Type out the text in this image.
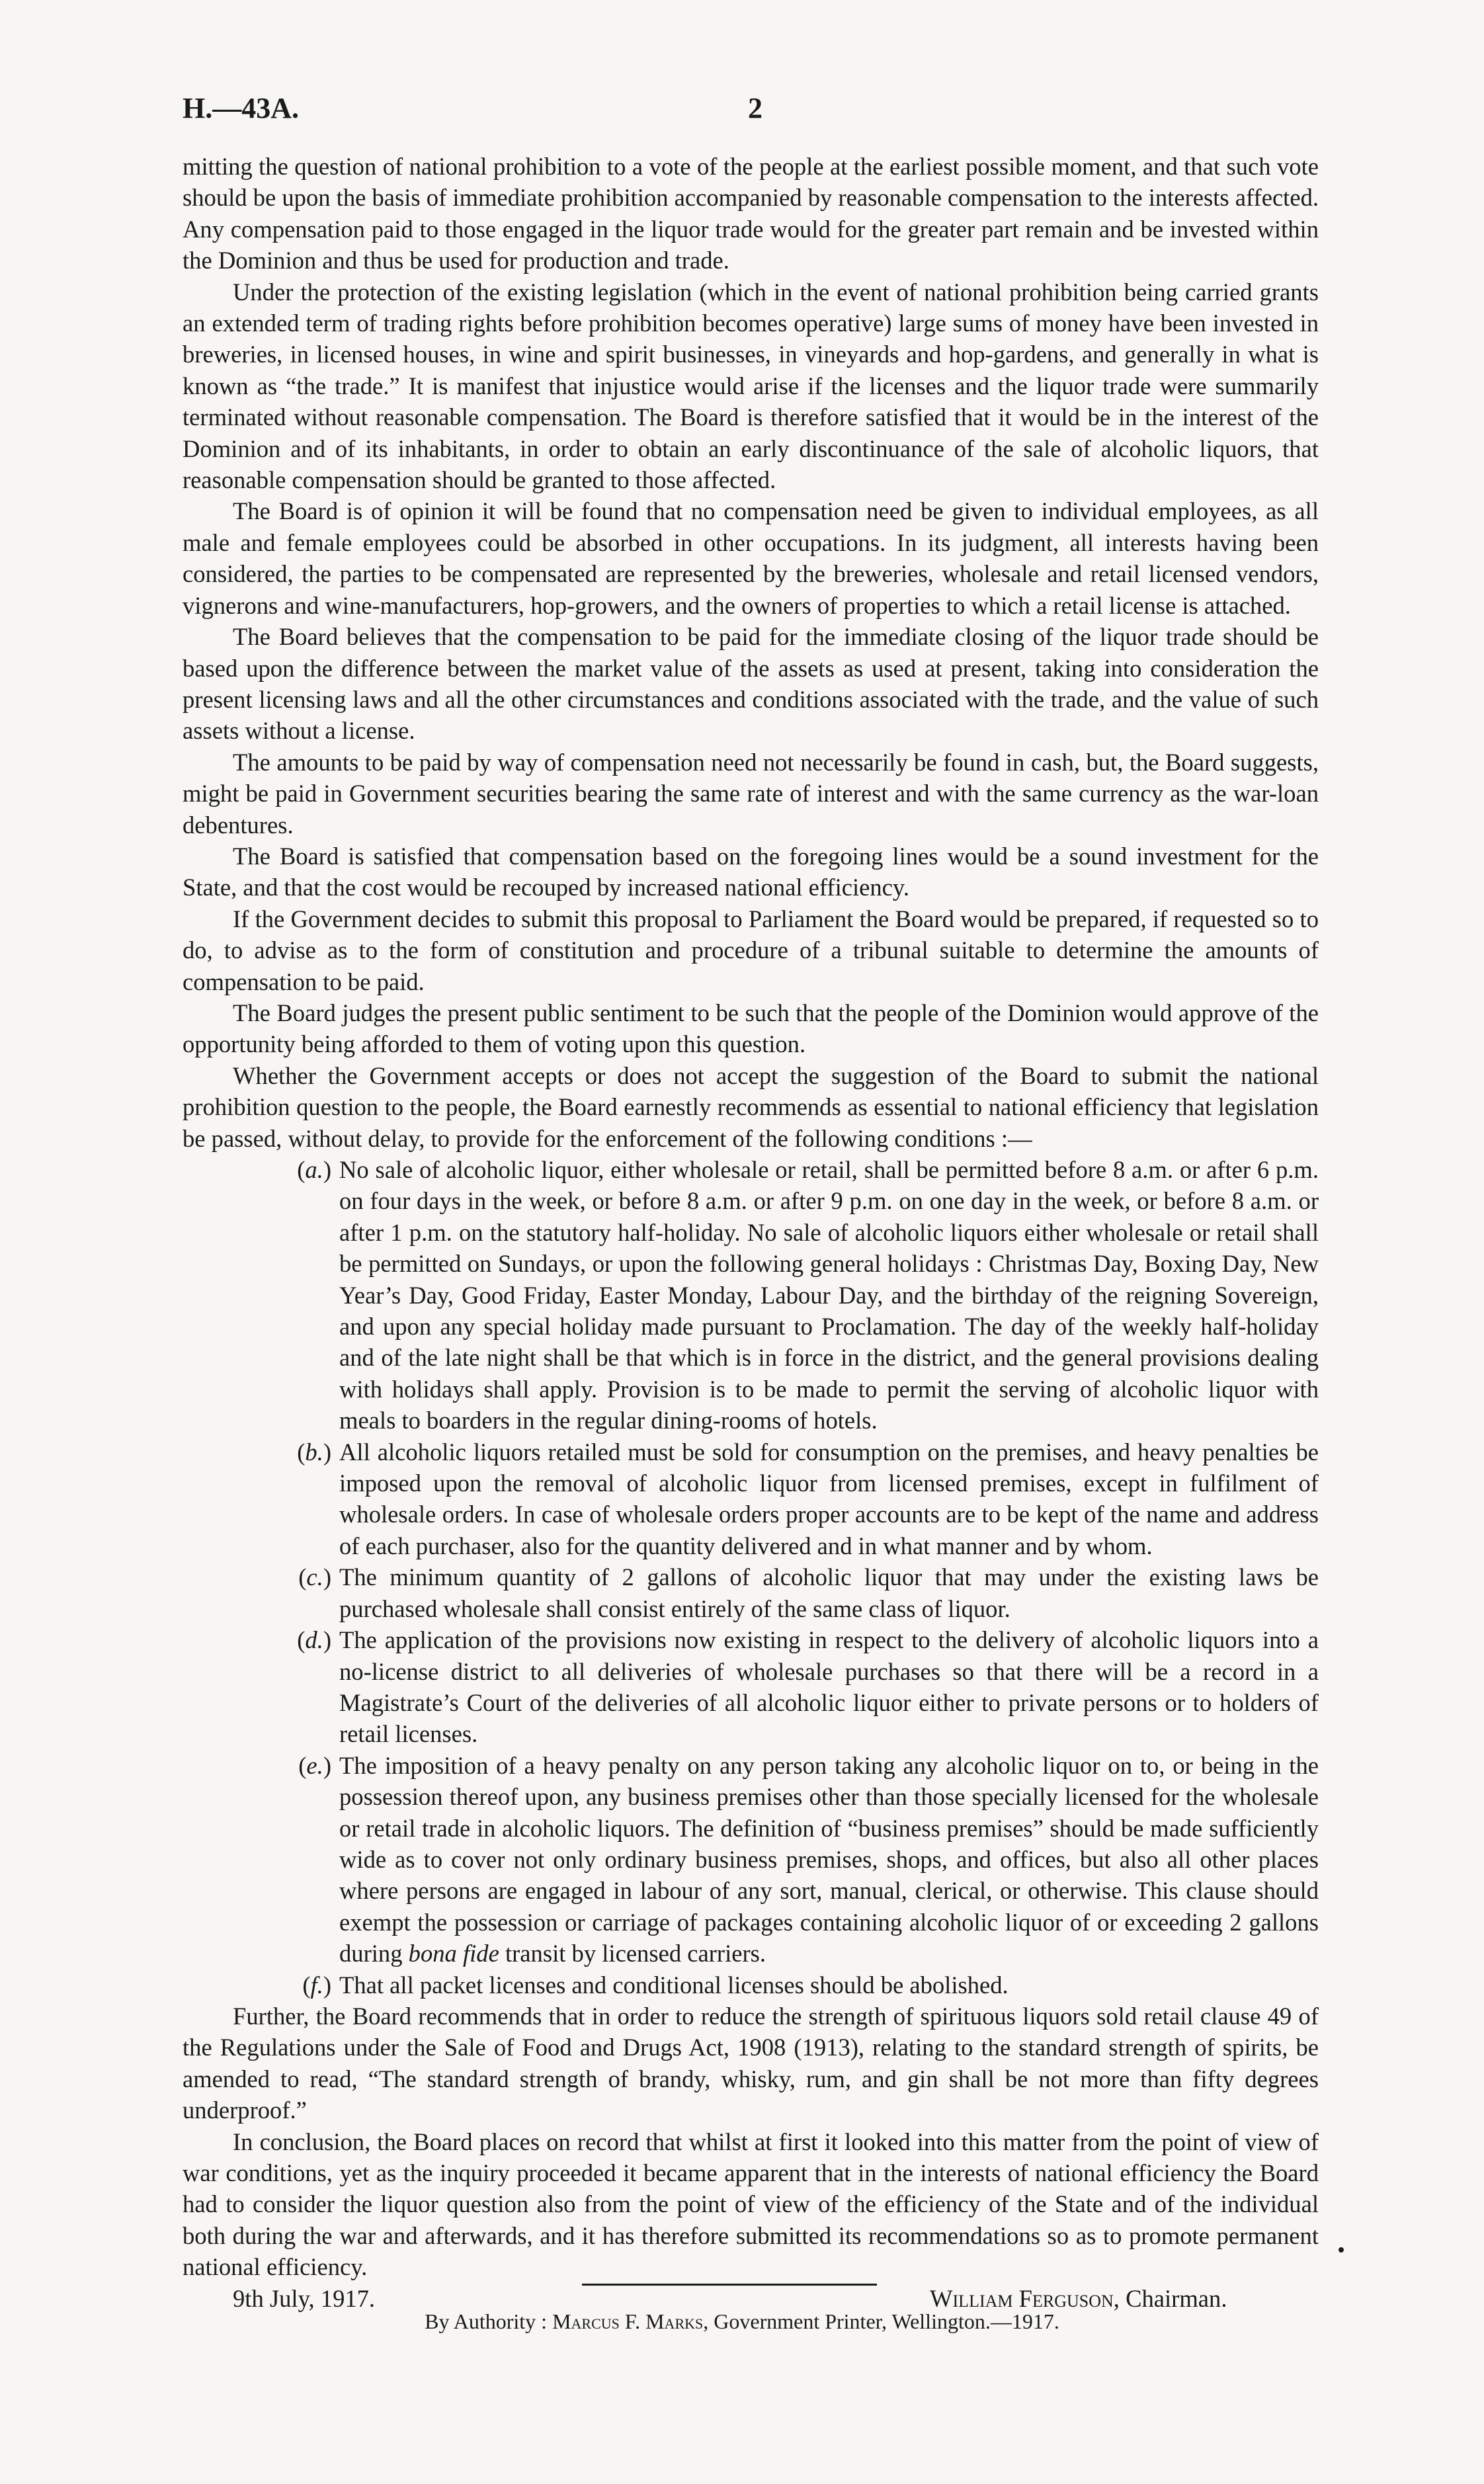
H.—43A.	2

mitting the question of national prohibition to a vote of the people at the earliest possible moment, and that such vote should be upon the basis of immediate prohibition accompanied by reasonable compensation to the interests affected. Any compensation paid to those engaged in the liquor trade would for the greater part remain and be invested within the Dominion and thus be used for production and trade.

Under the protection of the existing legislation (which in the event of national prohibition being carried grants an extended term of trading rights before prohibition becomes operative) large sums of money have been invested in breweries, in licensed houses, in wine and spirit businesses, in vineyards and hop-gardens, and generally in what is known as “the trade.” It is manifest that injustice would arise if the licenses and the liquor trade were summarily terminated without reasonable compensation. The Board is therefore satisfied that it would be in the interest of the Dominion and of its inhabitants, in order to obtain an early discontinuance of the sale of alcoholic liquors, that reasonable compensation should be granted to those affected.

The Board is of opinion it will be found that no compensation need be given to individual employees, as all male and female employees could be absorbed in other occupations. In its judgment, all interests having been considered, the parties to be compensated are represented by the breweries, wholesale and retail licensed vendors, vignerons and wine-manufacturers, hop-growers, and the owners of properties to which a retail license is attached.

The Board believes that the compensation to be paid for the immediate closing of the liquor trade should be based upon the difference between the market value of the assets as used at present, taking into consideration the present licensing laws and all the other circumstances and conditions associated with the trade, and the value of such assets without a license.

The amounts to be paid by way of compensation need not necessarily be found in cash, but, the Board suggests, might be paid in Government securities bearing the same rate of interest and with the same currency as the war-loan debentures.

The Board is satisfied that compensation based on the foregoing lines would be a sound investment for the State, and that the cost would be recouped by increased national efficiency.

If the Government decides to submit this proposal to Parliament the Board would be prepared, if requested so to do, to advise as to the form of constitution and procedure of a tribunal suitable to determine the amounts of compensation to be paid.

The Board judges the present public sentiment to be such that the people of the Dominion would approve of the opportunity being afforded to them of voting upon this question.

Whether the Government accepts or does not accept the suggestion of the Board to submit the national prohibition question to the people, the Board earnestly recommends as essential to national efficiency that legislation be passed, without delay, to provide for the enforcement of the following conditions :—

(a.) No sale of alcoholic liquor, either wholesale or retail, shall be permitted before 8 a.m. or after 6 p.m. on four days in the week, or before 8 a.m. or after 9 p.m. on one day in the week, or before 8 a.m. or after 1 p.m. on the statutory half-holiday. No sale of alcoholic liquors either wholesale or retail shall be permitted on Sundays, or upon the following general holidays : Christmas Day, Boxing Day, New Year’s Day, Good Friday, Easter Monday, Labour Day, and the birthday of the reigning Sovereign, and upon any special holiday made pursuant to Proclamation. The day of the weekly half-holiday and of the late night shall be that which is in force in the district, and the general provisions dealing with holidays shall apply. Provision is to be made to permit the serving of alcoholic liquor with meals to boarders in the regular dining-rooms of hotels.
(b.) All alcoholic liquors retailed must be sold for consumption on the premises, and heavy penalties be imposed upon the removal of alcoholic liquor from licensed premises, except in fulfilment of wholesale orders. In case of wholesale orders proper accounts are to be kept of the name and address of each purchaser, also for the quantity delivered and in what manner and by whom.
(c.) The minimum quantity of 2 gallons of alcoholic liquor that may under the existing laws be purchased wholesale shall consist entirely of the same class of liquor.
(d.) The application of the provisions now existing in respect to the delivery of alcoholic liquors into a no-license district to all deliveries of wholesale purchases so that there will be a record in a Magistrate’s Court of the deliveries of all alcoholic liquor either to private persons or to holders of retail licenses.
(e.) The imposition of a heavy penalty on any person taking any alcoholic liquor on to, or being in the possession thereof upon, any business premises other than those specially licensed for the wholesale or retail trade in alcoholic liquors. The definition of “business premises” should be made sufficiently wide as to cover not only ordinary business premises, shops, and offices, but also all other places where persons are engaged in labour of any sort, manual, clerical, or otherwise. This clause should exempt the possession or carriage of packages containing alcoholic liquor of or exceeding 2 gallons during bona fide transit by licensed carriers.
(f.) That all packet licenses and conditional licenses should be abolished.

Further, the Board recommends that in order to reduce the strength of spirituous liquors sold retail clause 49 of the Regulations under the Sale of Food and Drugs Act, 1908 (1913), relating to the standard strength of spirits, be amended to read, “The standard strength of brandy, whisky, rum, and gin shall be not more than fifty degrees underproof.”

In conclusion, the Board places on record that whilst at first it looked into this matter from the point of view of war conditions, yet as the inquiry proceeded it became apparent that in the interests of national efficiency the Board had to consider the liquor question also from the point of view of the efficiency of the State and of the individual both during the war and afterwards, and it has therefore submitted its recommendations so as to promote permanent national efficiency.

9th July, 1917.	William Ferguson, Chairman.
By Authority : Marcus F. Marks, Government Printer, Wellington.—1917.
